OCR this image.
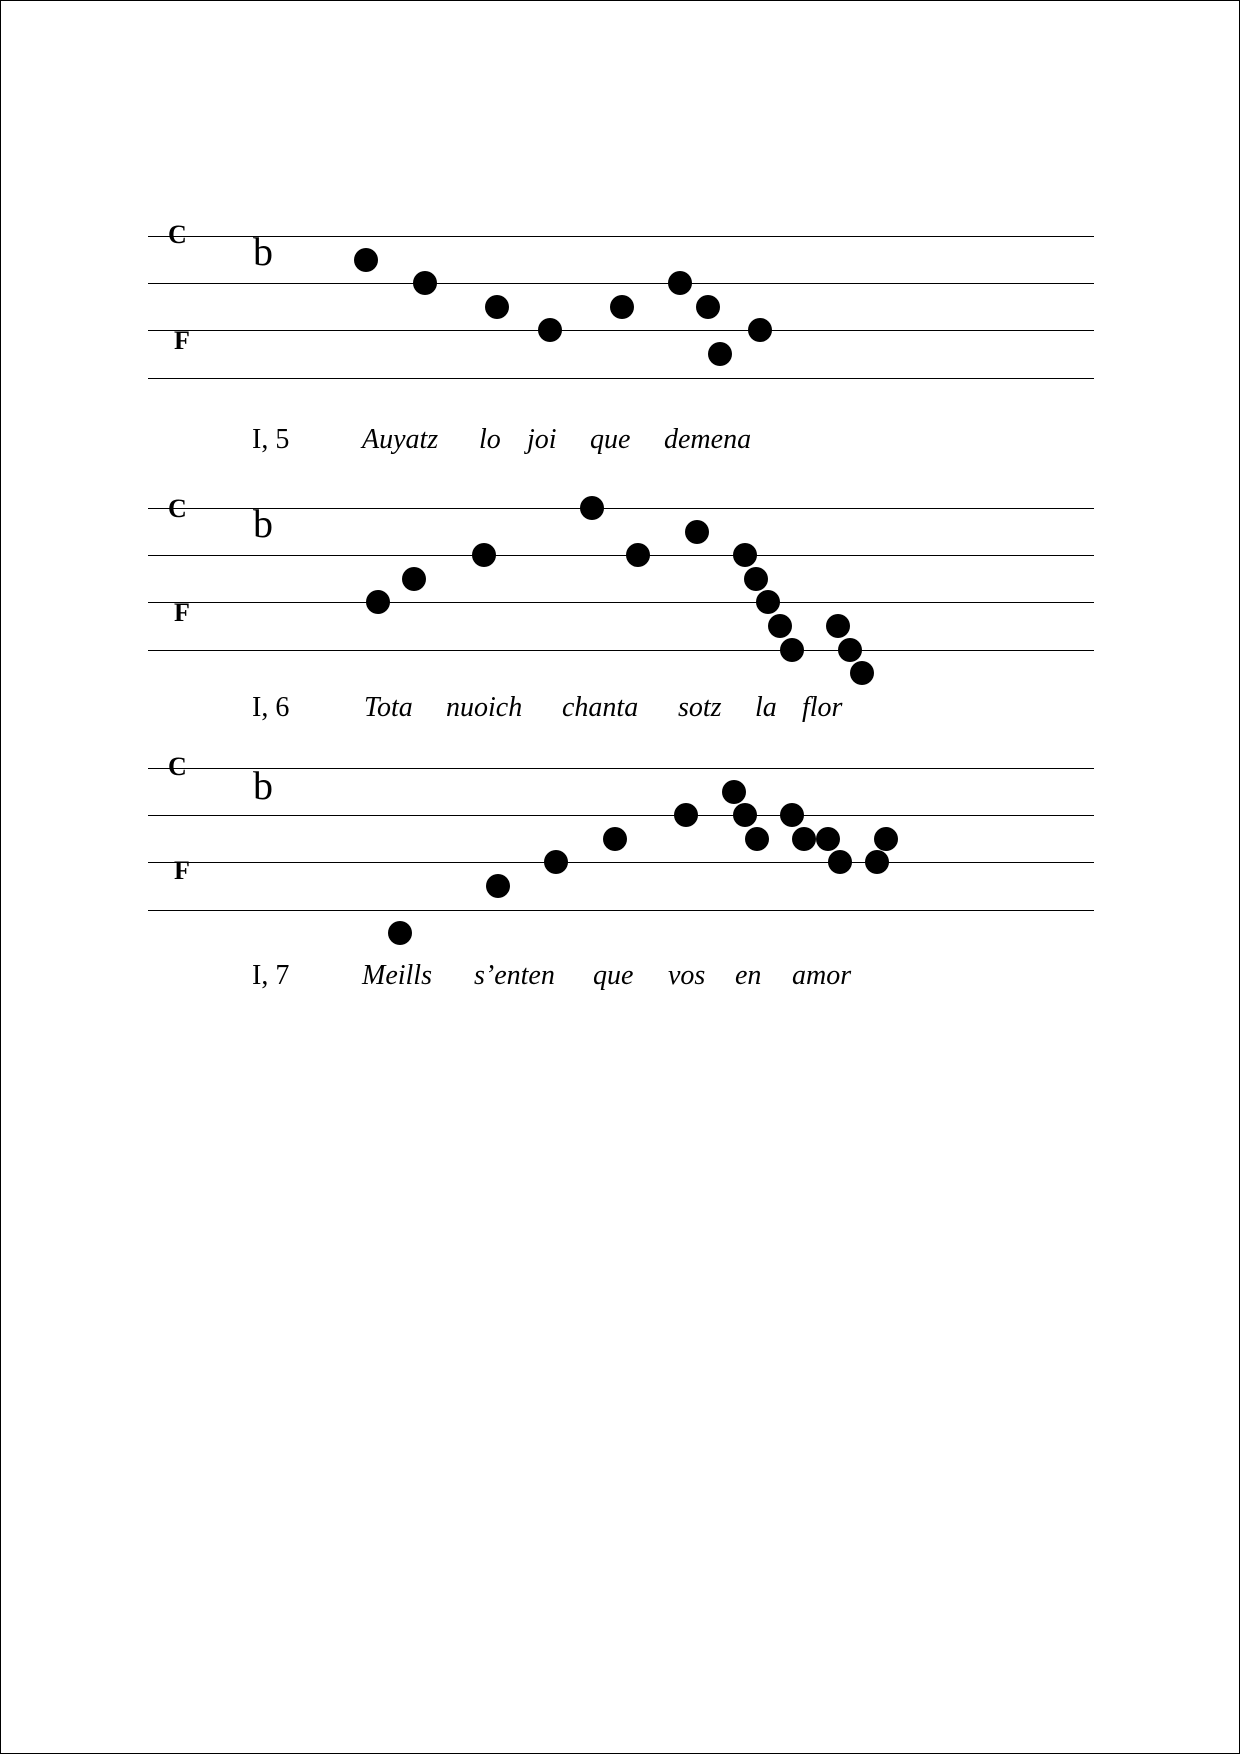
C
F
b
I, 5	Auyatz lo joi que demena
C
F
b
I, 6	Tota nuoich chanta sotz la flor
C
F
b
I, 7	Meills s’enten que vos en amor
